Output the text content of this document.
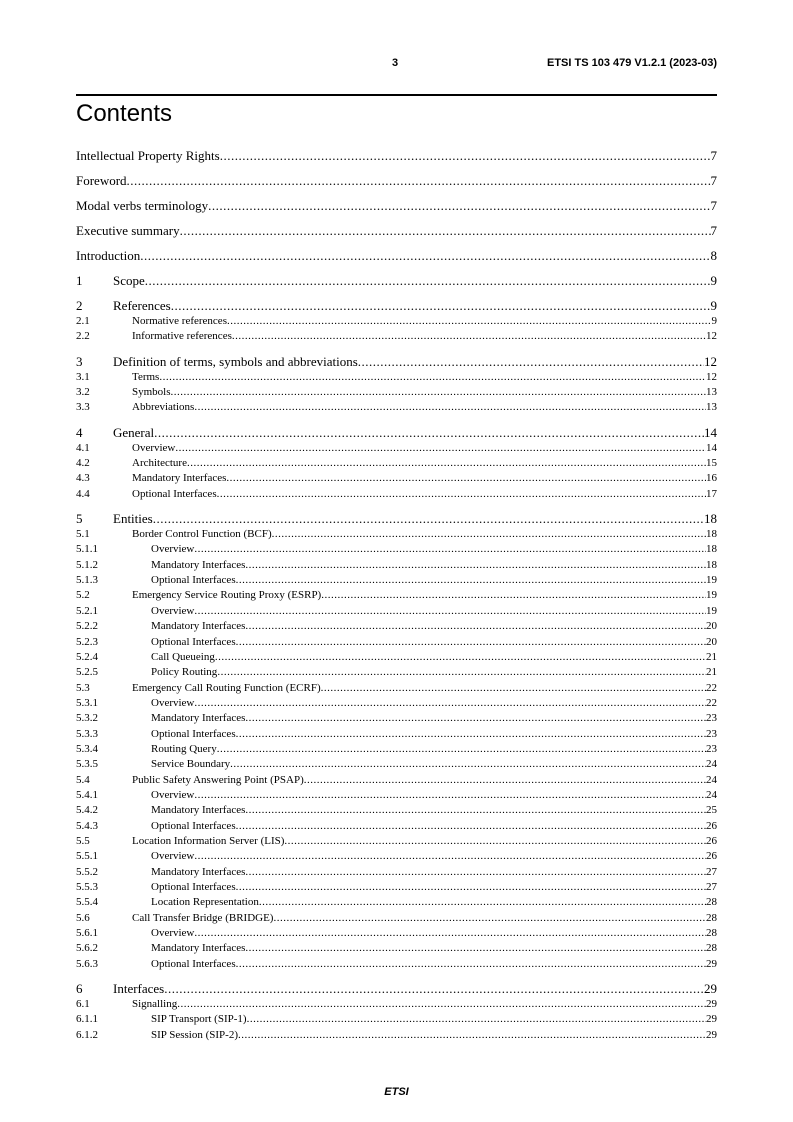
3	ETSI TS 103 479 V1.2.1 (2023-03)
Contents
Intellectual Property Rights .....	7
Foreword .....	7
Modal verbs terminology .....	7
Executive summary .....	7
Introduction .....	8
1	Scope .....	9
2	References .....	9
2.1	Normative references .....	9
2.2	Informative references .....	12
3	Definition of terms, symbols and abbreviations .....	12
3.1	Terms .....	12
3.2	Symbols .....	13
3.3	Abbreviations .....	13
4	General .....	14
4.1	Overview .....	14
4.2	Architecture .....	15
4.3	Mandatory Interfaces .....	16
4.4	Optional Interfaces .....	17
5	Entities .....	18
5.1	Border Control Function (BCF) .....	18
5.1.1	Overview .....	18
5.1.2	Mandatory Interfaces .....	18
5.1.3	Optional Interfaces .....	19
5.2	Emergency Service Routing Proxy (ESRP) .....	19
5.2.1	Overview .....	19
5.2.2	Mandatory Interfaces .....	20
5.2.3	Optional Interfaces .....	20
5.2.4	Call Queueing .....	21
5.2.5	Policy Routing .....	21
5.3	Emergency Call Routing Function (ECRF) .....	22
5.3.1	Overview .....	22
5.3.2	Mandatory Interfaces .....	23
5.3.3	Optional Interfaces .....	23
5.3.4	Routing Query .....	23
5.3.5	Service Boundary .....	24
5.4	Public Safety Answering Point (PSAP) .....	24
5.4.1	Overview .....	24
5.4.2	Mandatory Interfaces .....	25
5.4.3	Optional Interfaces .....	26
5.5	Location Information Server (LIS) .....	26
5.5.1	Overview .....	26
5.5.2	Mandatory Interfaces .....	27
5.5.3	Optional Interfaces .....	27
5.5.4	Location Representation .....	28
5.6	Call Transfer Bridge (BRIDGE) .....	28
5.6.1	Overview .....	28
5.6.2	Mandatory Interfaces .....	28
5.6.3	Optional Interfaces .....	29
6	Interfaces .....	29
6.1	Signalling .....	29
6.1.1	SIP Transport (SIP-1) .....	29
6.1.2	SIP Session (SIP-2) .....	29
ETSI
